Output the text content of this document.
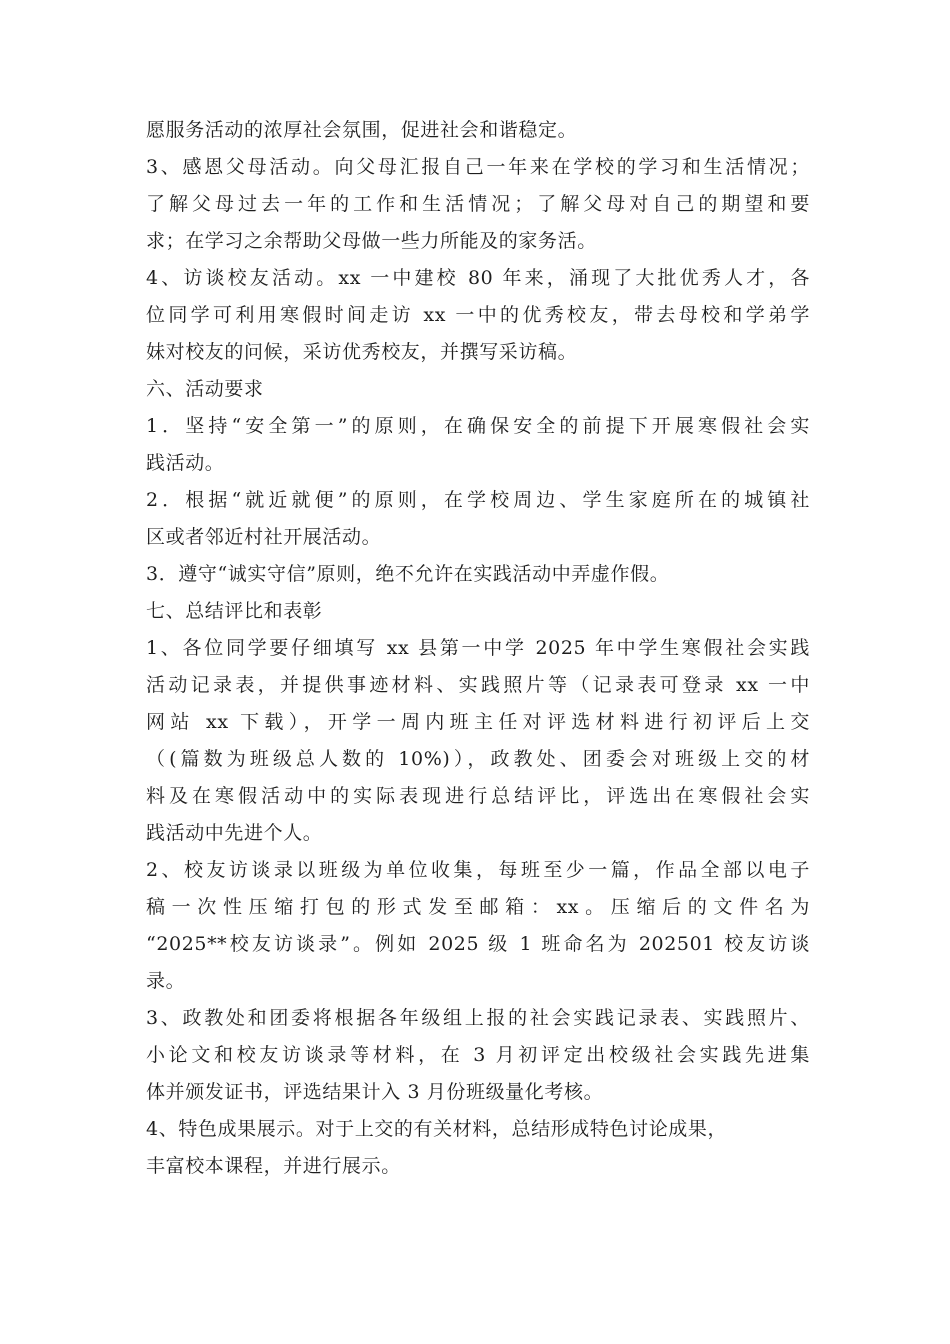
愿服务活动的浓厚社会氛围，促进社会和谐稳定。

3、感恩父母活动。向父母汇报自己一年来在学校的学习和生活情况；

了解父母过去一年的工作和生活情况；了解父母对自己的期望和要

求；在学习之余帮助父母做一些力所能及的家务活。

4、访谈校友活动。xx 一中建校 80 年来，涌现了大批优秀人才，各

位同学可利用寒假时间走访 xx 一中的优秀校友，带去母校和学弟学

妹对校友的问候，采访优秀校友，并撰写采访稿。

六、活动要求

1．坚持“安全第一”的原则，在确保安全的前提下开展寒假社会实

践活动。

2．根据“就近就便”的原则，在学校周边、学生家庭所在的城镇社

区或者邻近村社开展活动。

3．遵守“诚实守信”原则，绝不允许在实践活动中弄虚作假。

七、总结评比和表彰

1、各位同学要仔细填写 xx 县第一中学 2025 年中学生寒假社会实践

活动记录表，并提供事迹材料、实践照片等（记录表可登录 xx 一中

网站 xx 下载），开学一周内班主任对评选材料进行初评后上交

（(篇数为班级总人数的 10%)），政教处、团委会对班级上交的材

料及在寒假活动中的实际表现进行总结评比，评选出在寒假社会实

践活动中先进个人。

2、校友访谈录以班级为单位收集，每班至少一篇，作品全部以电子

稿一次性压缩打包的形式发至邮箱：xx。压缩后的文件名为

“2025**校友访谈录”。例如 2025 级 1 班命名为 202501 校友访谈

录。

3、政教处和团委将根据各年级组上报的社会实践记录表、实践照片、

小论文和校友访谈录等材料，在 3 月初评定出校级社会实践先进集

体并颁发证书，评选结果计入 3 月份班级量化考核。

4、特色成果展示。对于上交的有关材料，总结形成特色讨论成果，

丰富校本课程，并进行展示。
